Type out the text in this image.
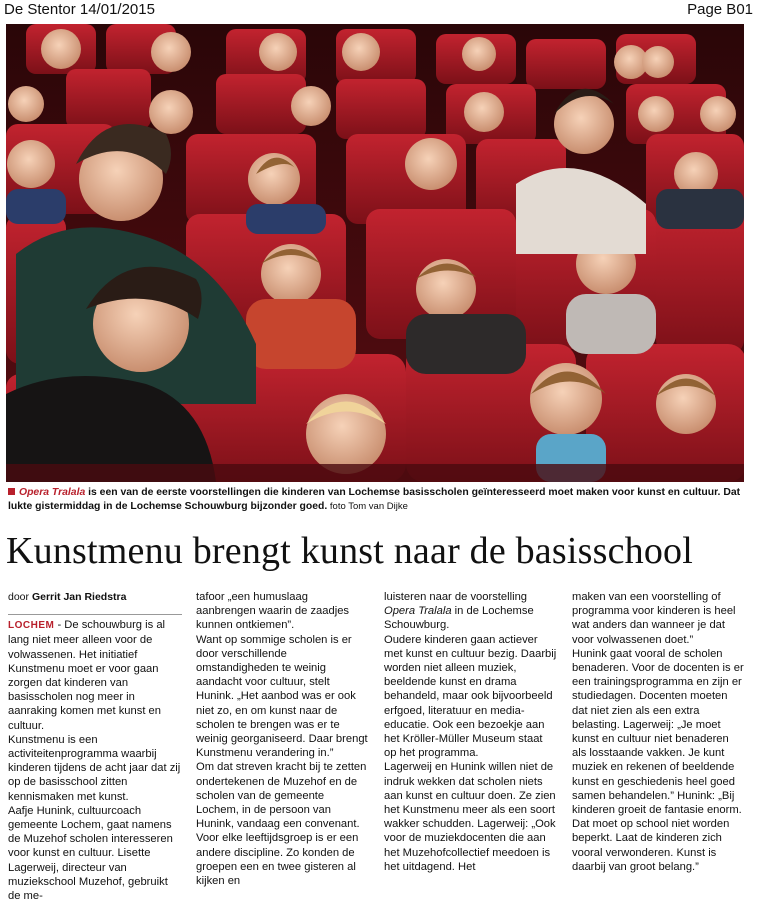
De Stentor 14/01/2015	Page B01
Opera Tralala is een van de eerste voorstellingen die kinderen van Lochemse basisscholen geïnteresseerd moet maken voor kunst en cultuur. Dat lukte gistermiddag in de Lochemse Schouwburg bijzonder goed. foto Tom van Dijke
Kunstmenu brengt kunst naar de basisschool
door Gerrit Jan Riedstra

LOCHEM - De schouwburg is al lang niet meer alleen voor de volwassenen. Het initiatief Kunstmenu moet er voor gaan zorgen dat kinderen van basisscholen nog meer in aanraking komen met kunst en cultuur.

Kunstmenu is een activiteitenprogramma waarbij kinderen tijdens de acht jaar dat zij op de basisschool zitten kennismaken met kunst.

Aafje Hunink, cultuurcoach gemeente Lochem, gaat namens de Muzehof scholen interesseren voor kunst en cultuur. Lisette Lagerweij, directeur van muziekschool Muzehof, gebruikt de me-

tafoor „een humuslaag aanbrengen waarin de zaadjes kunnen ontkiemen”.

Want op sommige scholen is er door verschillende omstandigheden te weinig aandacht voor cultuur, stelt Hunink. „Het aanbod was er ook niet zo, en om kunst naar de scholen te brengen was er te weinig georganiseerd. Daar brengt Kunstmenu verandering in.”

Om dat streven kracht bij te zetten ondertekenen de Muzehof en de scholen van de gemeente Lochem, in de persoon van Hunink, vandaag een convenant. Voor elke leeftijdsgroep is er een andere discipline. Zo konden de groepen een en twee gisteren al kijken en

luisteren naar de voorstelling Opera Tralala in de Lochemse Schouwburg.

Oudere kinderen gaan actiever met kunst en cultuur bezig. Daarbij worden niet alleen muziek, beeldende kunst en drama behandeld, maar ook bijvoorbeeld erfgoed, literatuur en media-educatie. Ook een bezoekje aan het Kröller-Müller Museum staat op het programma.

Lagerweij en Hunink willen niet de indruk wekken dat scholen niets aan kunst en cultuur doen. Ze zien het Kunstmenu meer als een soort wakker schudden. Lagerweij: „Ook voor de muziekdocenten die aan het Muzehofcollectief meedoen is het uitdagend. Het

maken van een voorstelling of programma voor kinderen is heel wat anders dan wanneer je dat voor volwassenen doet.”

Hunink gaat vooral de scholen benaderen. Voor de docenten is er een trainingsprogramma en zijn er studiedagen. Docenten moeten dat niet zien als een extra belasting. Lagerweij: „Je moet kunst en cultuur niet benaderen als losstaande vakken. Je kunt muziek en rekenen of beeldende kunst en geschiedenis heel goed samen behandelen.” Hunink: „Bij kinderen groeit de fantasie enorm. Dat moet op school niet worden beperkt. Laat de kinderen zich vooral verwonderen. Kunst is daarbij van groot belang.”
